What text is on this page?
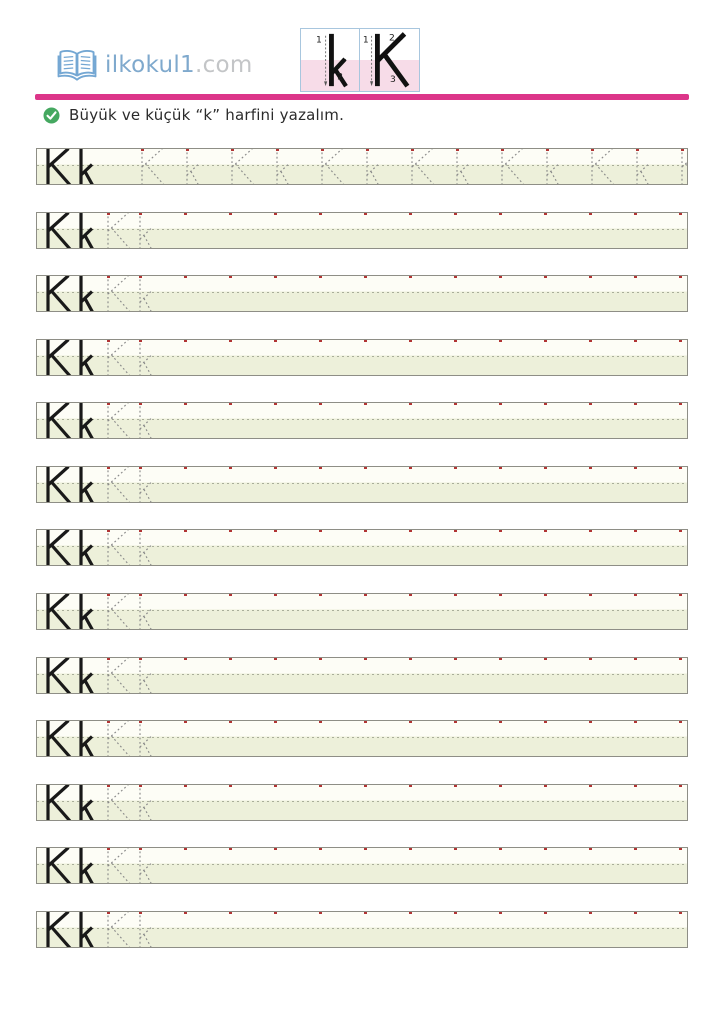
ilkokul1.com
1
2
1 2
3
Büyük ve küçük “k” harfini yazalım.
